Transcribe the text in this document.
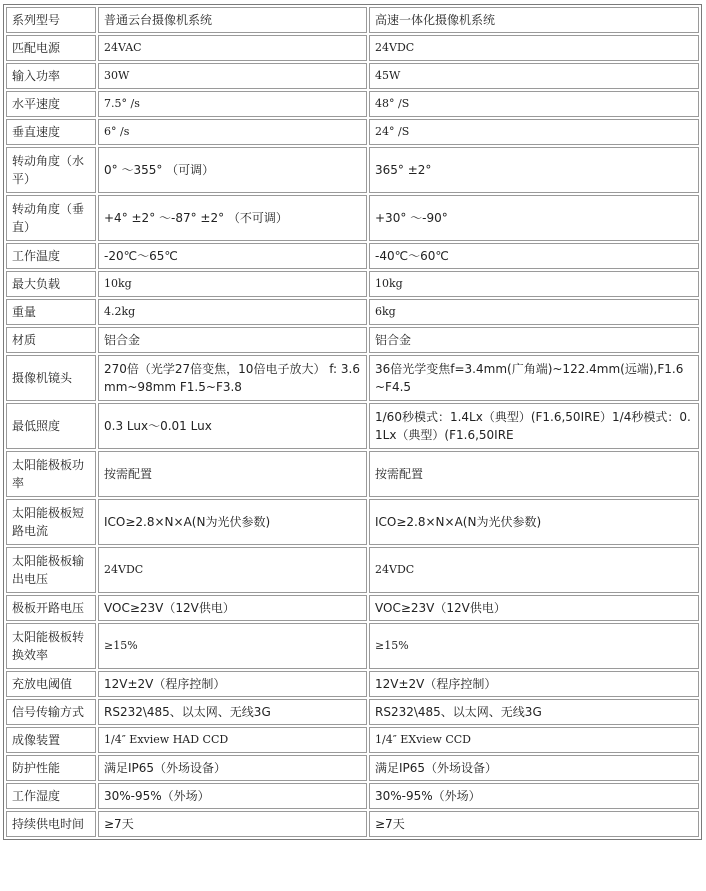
系列型号	普通云台摄像机系统	高速一体化摄像机系统
匹配电源	24VAC	24VDC
输入功率	30W	45W
水平速度	7.5° /s	48° /S
垂直速度	6° /s	24° /S
转动角度（水平）	0° ～355° （可调）	365° ±2°
转动角度（垂直）	+4° ±2° ～-87° ±2° （不可调）	+30° ～-90°
工作温度	-20℃～65℃	-40℃～60℃
最大负载	10kg	10kg
重量	4.2kg	6kg
材质	铝合金	铝合金
摄像机镜头	270倍（光学27倍变焦，10倍电子放大） f: 3.6mm~98mm F1.5~F3.8	36倍光学变焦f=3.4mm(广角端)~122.4mm(远端),F1.6~F4.5
最低照度	0.3 Lux～0.01 Lux	1/60秒模式：1.4Lx（典型）(F1.6,50IRE）1/4秒模式：0.1Lx（典型）(F1.6,50IRE
太阳能极板功率	按需配置	按需配置
太阳能极板短路电流	ICO≥2.8×N×A(N为光伏参数)	ICO≥2.8×N×A(N为光伏参数)
太阳能极板输出电压	24VDC	24VDC
极板开路电压	VOC≥23V（12V供电）	VOC≥23V（12V供电）
太阳能极板转换效率	≥15%	≥15%
充放电阈值	12V±2V（程序控制）	12V±2V（程序控制）
信号传输方式	RS232\485、以太网、无线3G	RS232\485、以太网、无线3G
成像装置	1/4″ Exview HAD CCD	1/4″ EXview CCD
防护性能	满足IP65（外场设备）	满足IP65（外场设备）
工作湿度	30%-95%（外场）	30%-95%（外场）
持续供电时间	≥7天	≥7天
